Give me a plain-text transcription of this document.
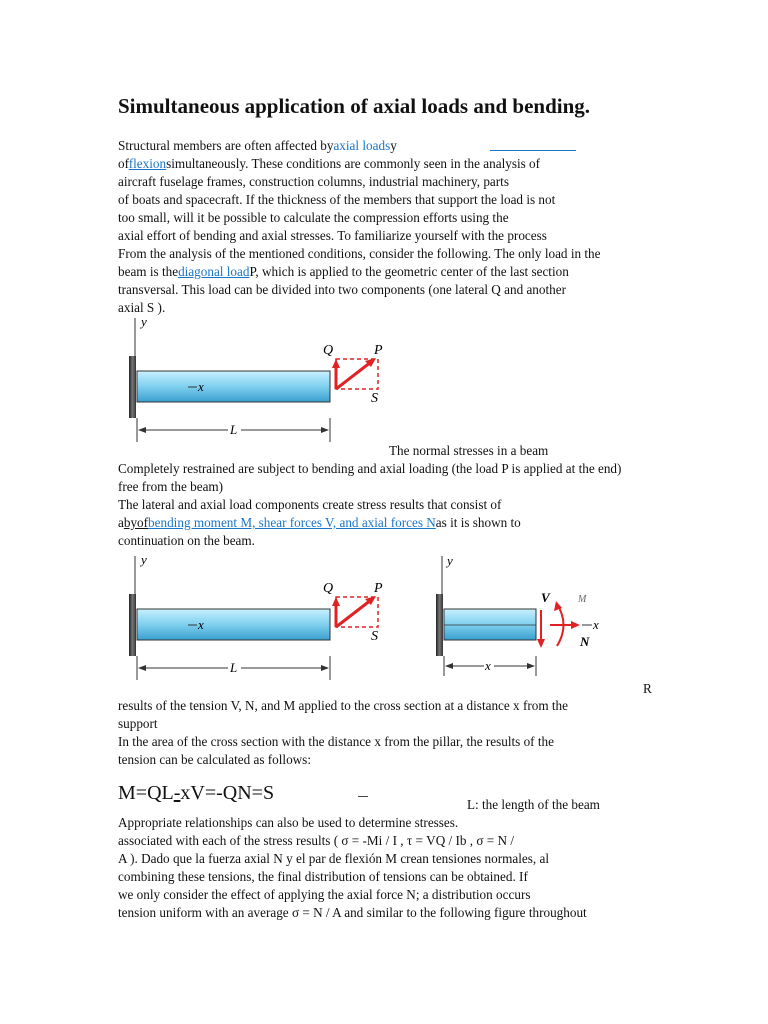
Simultaneous application of axial loads and bending.

Structural members are often affected byaxial loadsy

offlexionsimultaneously. These conditions are commonly seen in the analysis of

aircraft fuselage frames, construction columns, industrial machinery, parts

of boats and spacecraft. If the thickness of the members that support the load is not

too small, will it be possible to calculate the compression efforts using the

axial effort of bending and axial stresses. To familiarize yourself with the process

From the analysis of the mentioned conditions, consider the following. The only load in the

beam is thediagonal loadP, which is applied to the geometric center of the last section

transversal. This load can be divided into two components (one lateral Q and another

axial S ).

y
x
Q	P
S
L
The normal stresses in a beam

Completely restrained are subject to bending and axial loading (the load P is applied at the end)

free from the beam)

The lateral and axial load components create stress results that consist of

abyofbending moment M, shear forces V, and axial forces Nas it is shown to

continuation on the beam.

y
x
Q	P
S
L
y
x
V	M
N
x
R

results of the tension V, N, and M applied to the cross section at a distance x from the

support

In the area of the cross section with the distance x from the pillar, the results of the

tension can be calculated as follows:

M=QL-xV=-QN=S

L: the length of the beam

Appropriate relationships can also be used to determine stresses.

associated with each of the stress results ( σ = -Mi / I , τ = VQ / Ib , σ = N /

A ). Dado que la fuerza axial N y el par de flexión M crean tensiones normales, al

combining these tensions, the final distribution of tensions can be obtained. If

we only consider the effect of applying the axial force N; a distribution occurs

tension uniform with an average σ = N / A and similar to the following figure throughout
